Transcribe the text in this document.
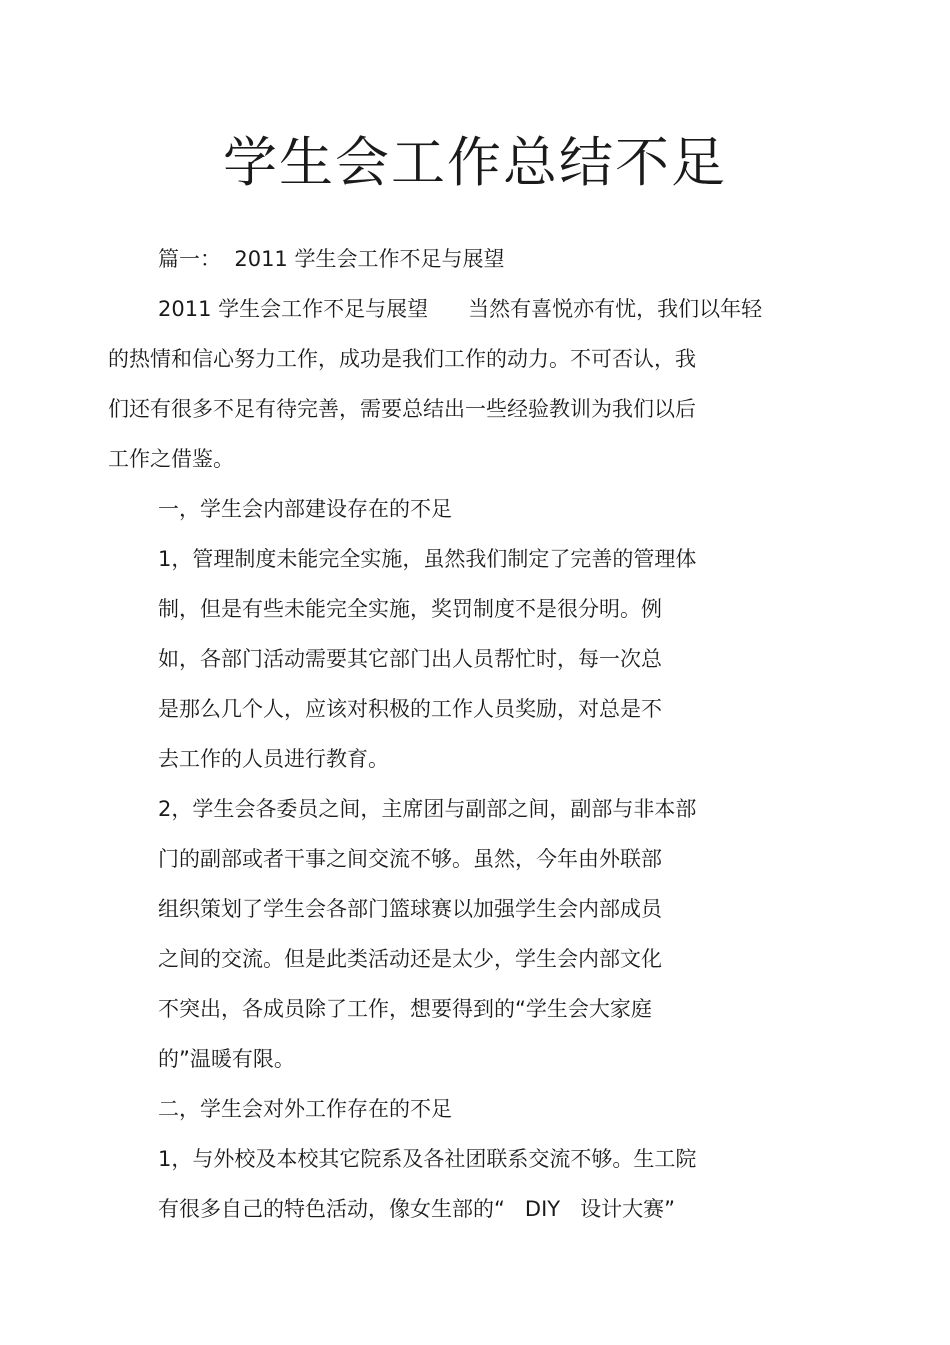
学生会工作总结不足

篇一：  2011 学生会工作不足与展望

2011 学生会工作不足与展望      当然有喜悦亦有忧，我们以年轻

的热情和信心努力工作，成功是我们工作的动力。不可否认，我

们还有很多不足有待完善，需要总结出一些经验教训为我们以后

工作之借鉴。

一，学生会内部建设存在的不足

1，管理制度未能完全实施，虽然我们制定了完善的管理体

制，但是有些未能完全实施，奖罚制度不是很分明。例

如，各部门活动需要其它部门出人员帮忙时，每一次总

是那么几个人，应该对积极的工作人员奖励，对总是不

去工作的人员进行教育。

2，学生会各委员之间，主席团与副部之间，副部与非本部

门的副部或者干事之间交流不够。虽然，今年由外联部

组织策划了学生会各部门篮球赛以加强学生会内部成员

之间的交流。但是此类活动还是太少，学生会内部文化

不突出，各成员除了工作，想要得到的“学生会大家庭

的”温暖有限。

二，学生会对外工作存在的不足

1，与外校及本校其它院系及各社团联系交流不够。生工院

有很多自己的特色活动，像女生部的“   DIY   设计大赛”
